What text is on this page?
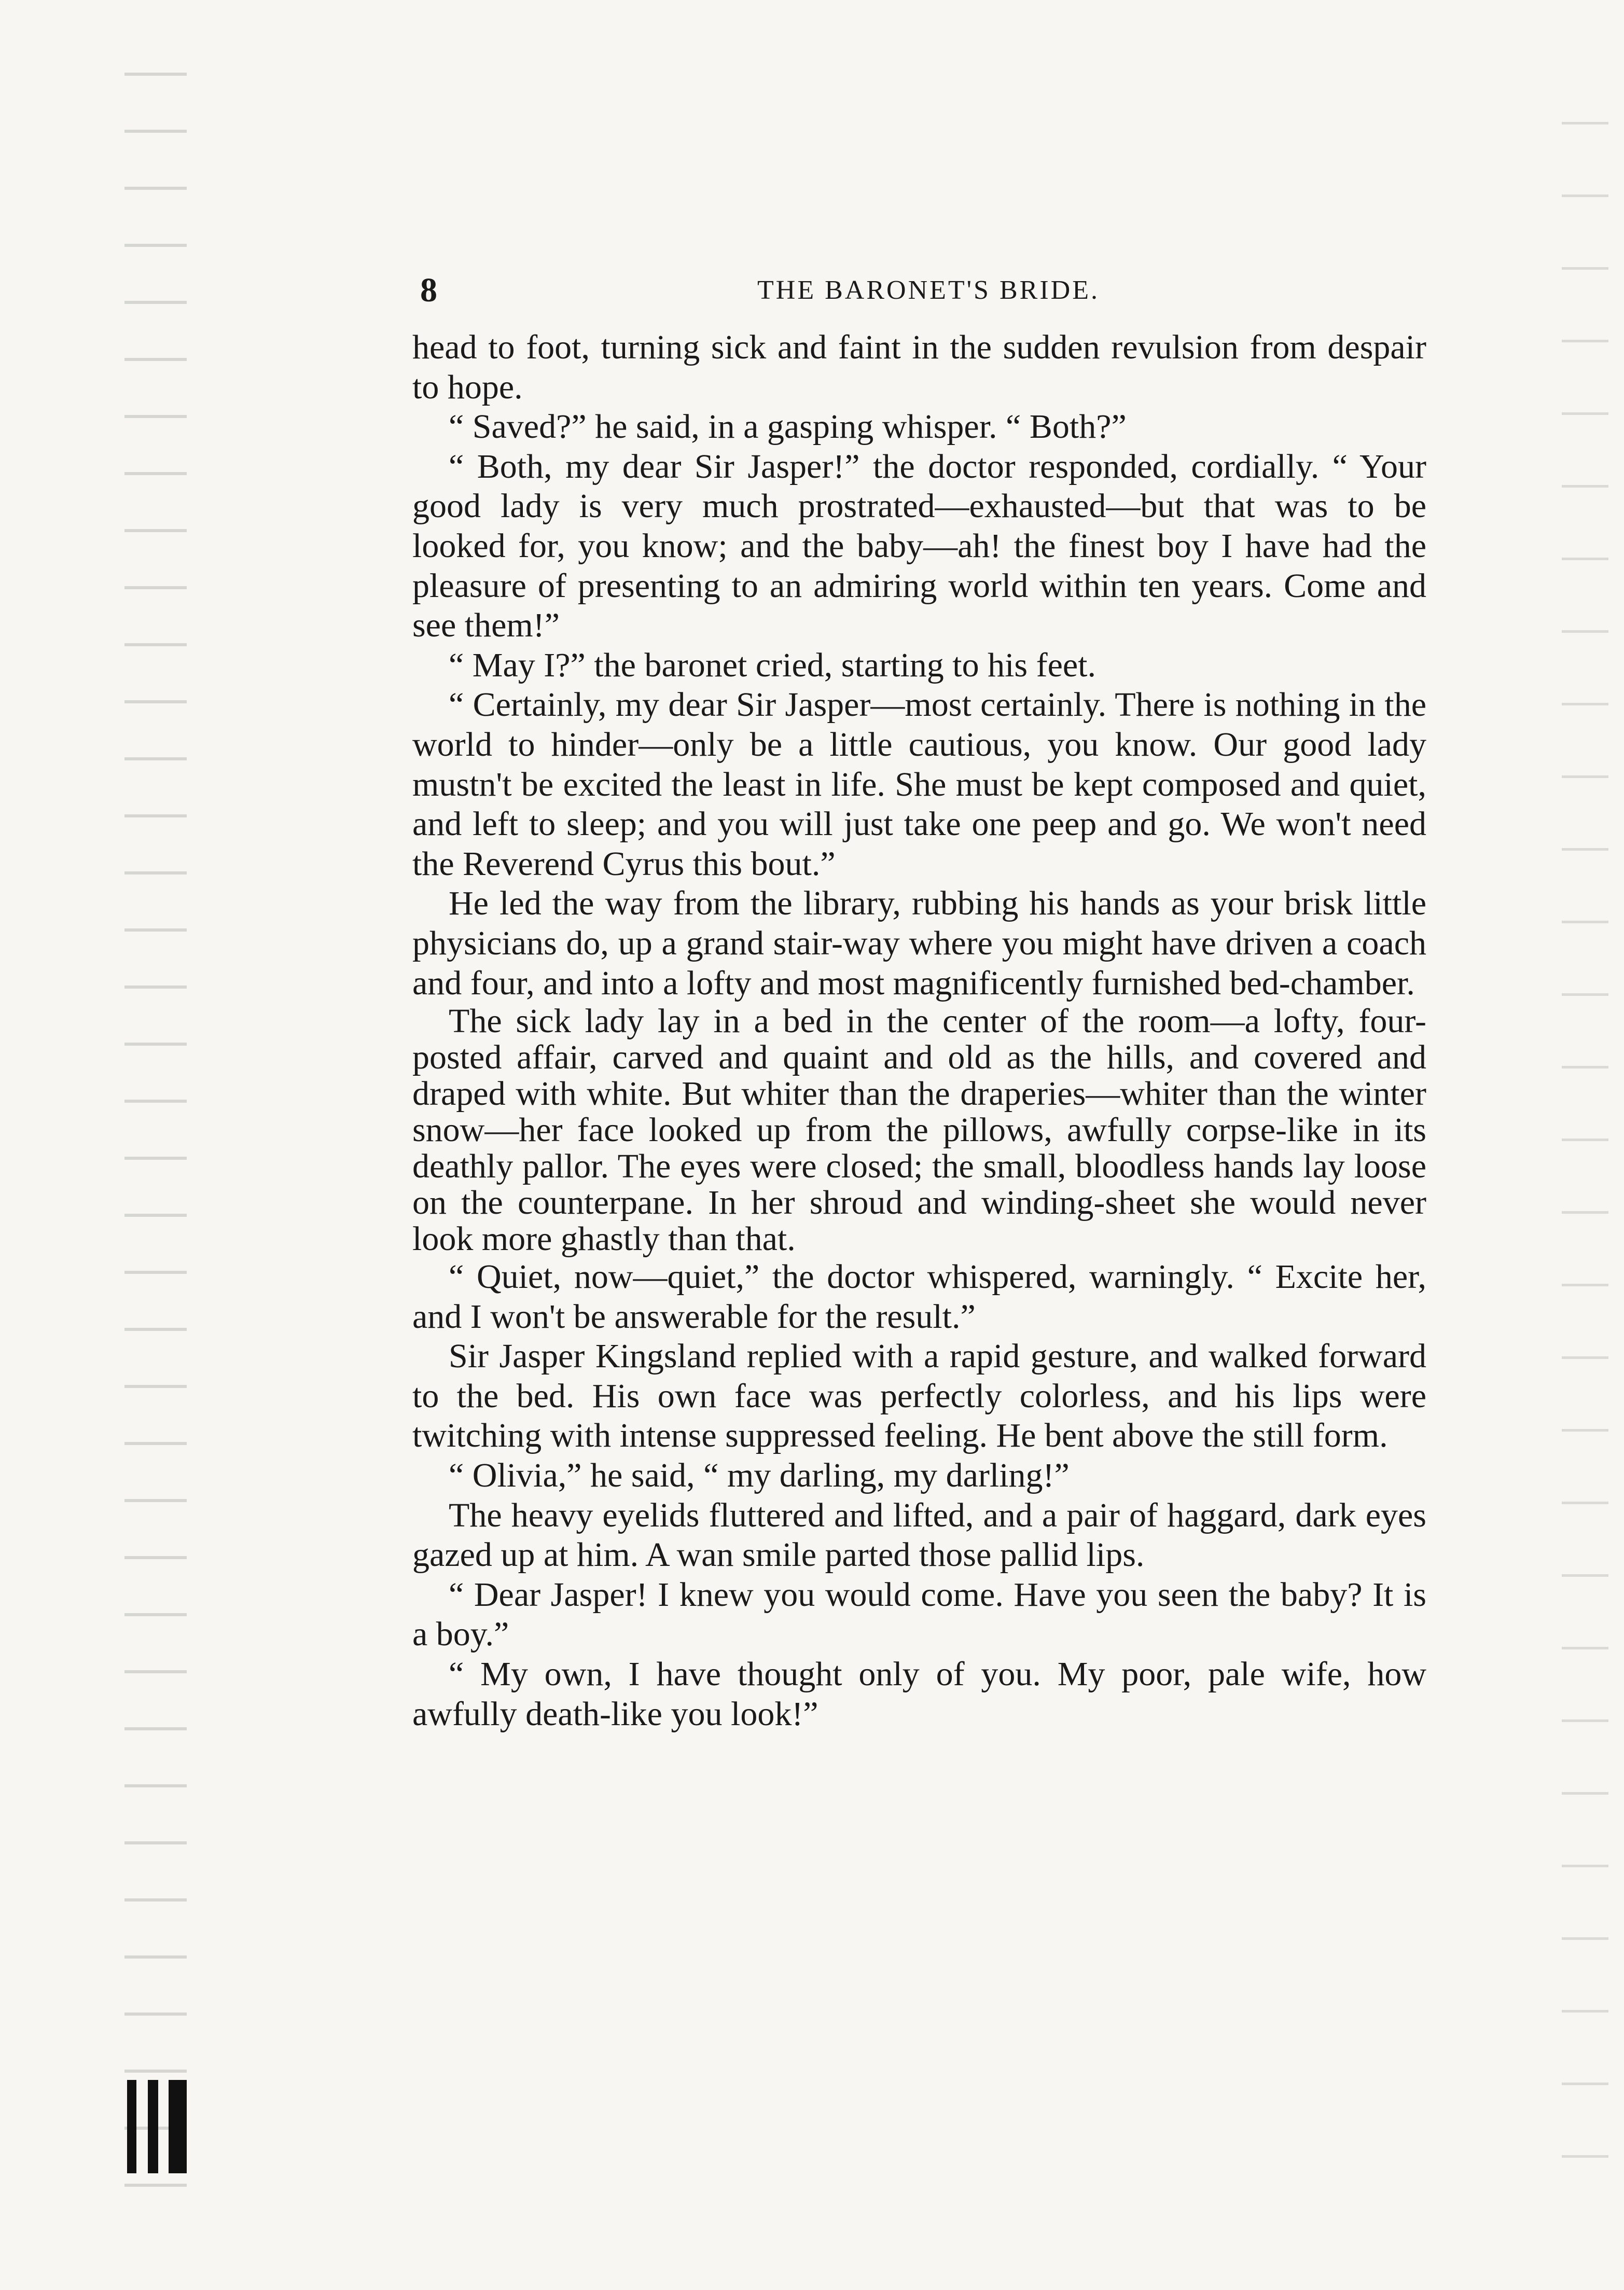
8	THE BARONET'S BRIDE.

head to foot, turning sick and faint in the sudden revulsion from despair to hope.

“ Saved?” he said, in a gasping whisper. “ Both?”

“ Both, my dear Sir Jasper!” the doctor responded, cordially. “ Your good lady is very much prostrated—exhausted—but that was to be looked for, you know; and the baby—ah! the finest boy I have had the pleasure of presenting to an admiring world within ten years. Come and see them!”

“ May I?” the baronet cried, starting to his feet.

“ Certainly, my dear Sir Jasper—most certainly. There is nothing in the world to hinder—only be a little cautious, you know. Our good lady mustn't be excited the least in life. She must be kept composed and quiet, and left to sleep; and you will just take one peep and go. We won't need the Reverend Cyrus this bout.”

He led the way from the library, rubbing his hands as your brisk little physicians do, up a grand stair-way where you might have driven a coach and four, and into a lofty and most magnificently furnished bed-chamber.

The sick lady lay in a bed in the center of the room—a lofty, four-posted affair, carved and quaint and old as the hills, and covered and draped with white. But whiter than the draperies—whiter than the winter snow—her face looked up from the pillows, awfully corpse-like in its deathly pallor. The eyes were closed; the small, bloodless hands lay loose on the counterpane. In her shroud and winding-sheet she would never look more ghastly than that.

“ Quiet, now—quiet,” the doctor whispered, warningly. “ Excite her, and I won't be answerable for the result.”

Sir Jasper Kingsland replied with a rapid gesture, and walked forward to the bed. His own face was perfectly colorless, and his lips were twitching with intense suppressed feeling. He bent above the still form.

“ Olivia,” he said, “ my darling, my darling!”

The heavy eyelids fluttered and lifted, and a pair of haggard, dark eyes gazed up at him. A wan smile parted those pallid lips.

“ Dear Jasper! I knew you would come. Have you seen the baby? It is a boy.”

“ My own, I have thought only of you. My poor, pale wife, how awfully death-like you look!”
